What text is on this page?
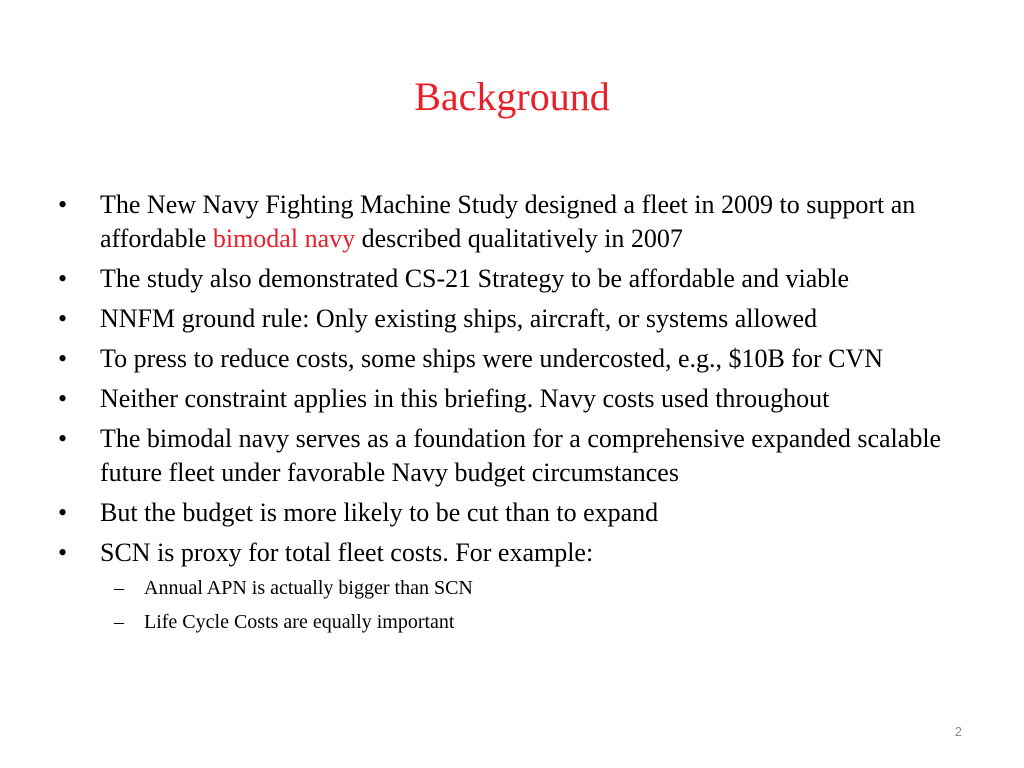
Background
•	The New Navy Fighting Machine Study designed a fleet in 2009 to support an affordable bimodal navy described qualitatively in 2007
•	The study also demonstrated CS-21 Strategy to be affordable and viable
•	NNFM ground rule: Only existing ships, aircraft, or systems allowed
•	To press to reduce costs, some ships were undercosted, e.g., $10B for CVN
•	Neither constraint applies in this briefing. Navy costs used throughout
•	The bimodal navy serves as a foundation for a comprehensive expanded scalable future fleet under favorable Navy budget circumstances
•	But the budget is more likely to be cut than to expand
•	SCN is proxy for total fleet costs. For example:
–	Annual APN is actually bigger than SCN
–	Life Cycle Costs are equally important
2
